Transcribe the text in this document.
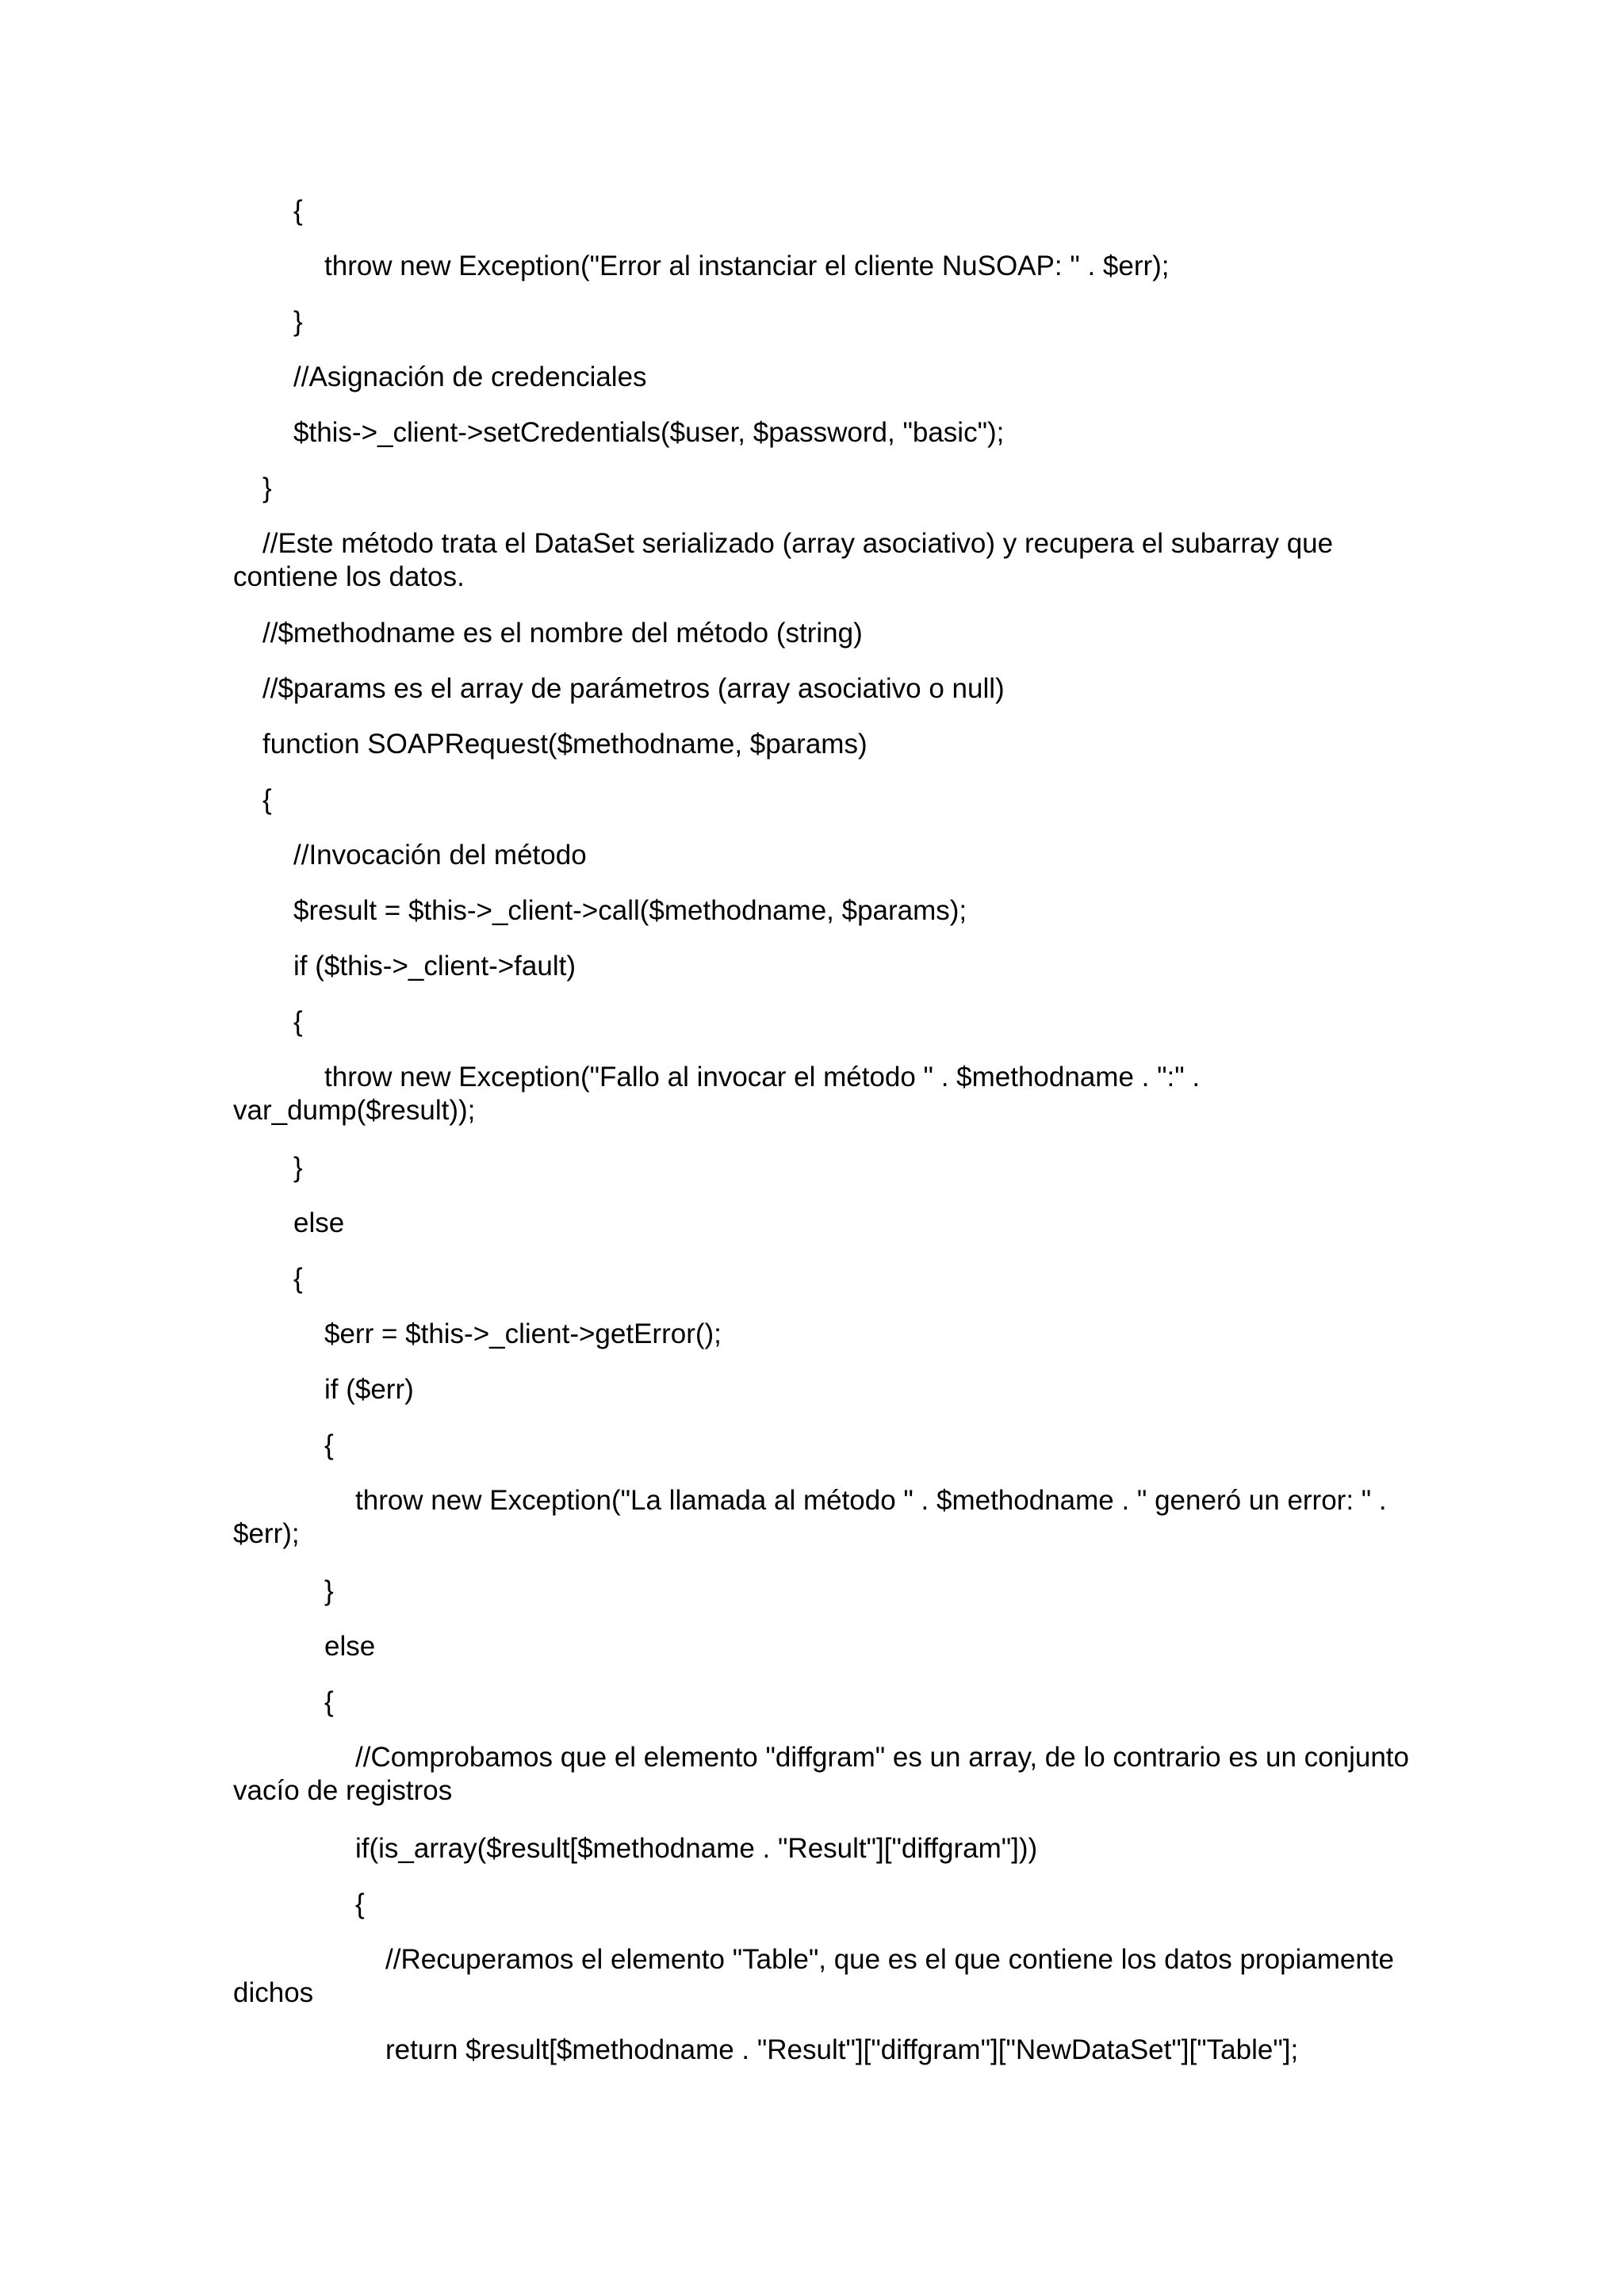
{

throw new Exception("Error al instanciar el cliente NuSOAP: " . $err);

}

//Asignación de credenciales

$this->_client->setCredentials($user, $password, "basic");

}

//Este método trata el DataSet serializado (array asociativo) y recupera el subarray que
contiene los datos.

//$methodname es el nombre del método (string)

//$params es el array de parámetros (array asociativo o null)

function SOAPRequest($methodname, $params)

{

//Invocación del método

$result = $this->_client->call($methodname, $params);

if ($this->_client->fault)

{

throw new Exception("Fallo al invocar el método " . $methodname . ":" .
var_dump($result));

}

else

{

$err = $this->_client->getError();

if ($err)

{

throw new Exception("La llamada al método " . $methodname . " generó un error: " .
$err);

}

else

{

//Comprobamos que el elemento "diffgram" es un array, de lo contrario es un conjunto
vacío de registros

if(is_array($result[$methodname . "Result"]["diffgram"]))

{

//Recuperamos el elemento "Table", que es el que contiene los datos propiamente
dichos

return $result[$methodname . "Result"]["diffgram"]["NewDataSet"]["Table"];
